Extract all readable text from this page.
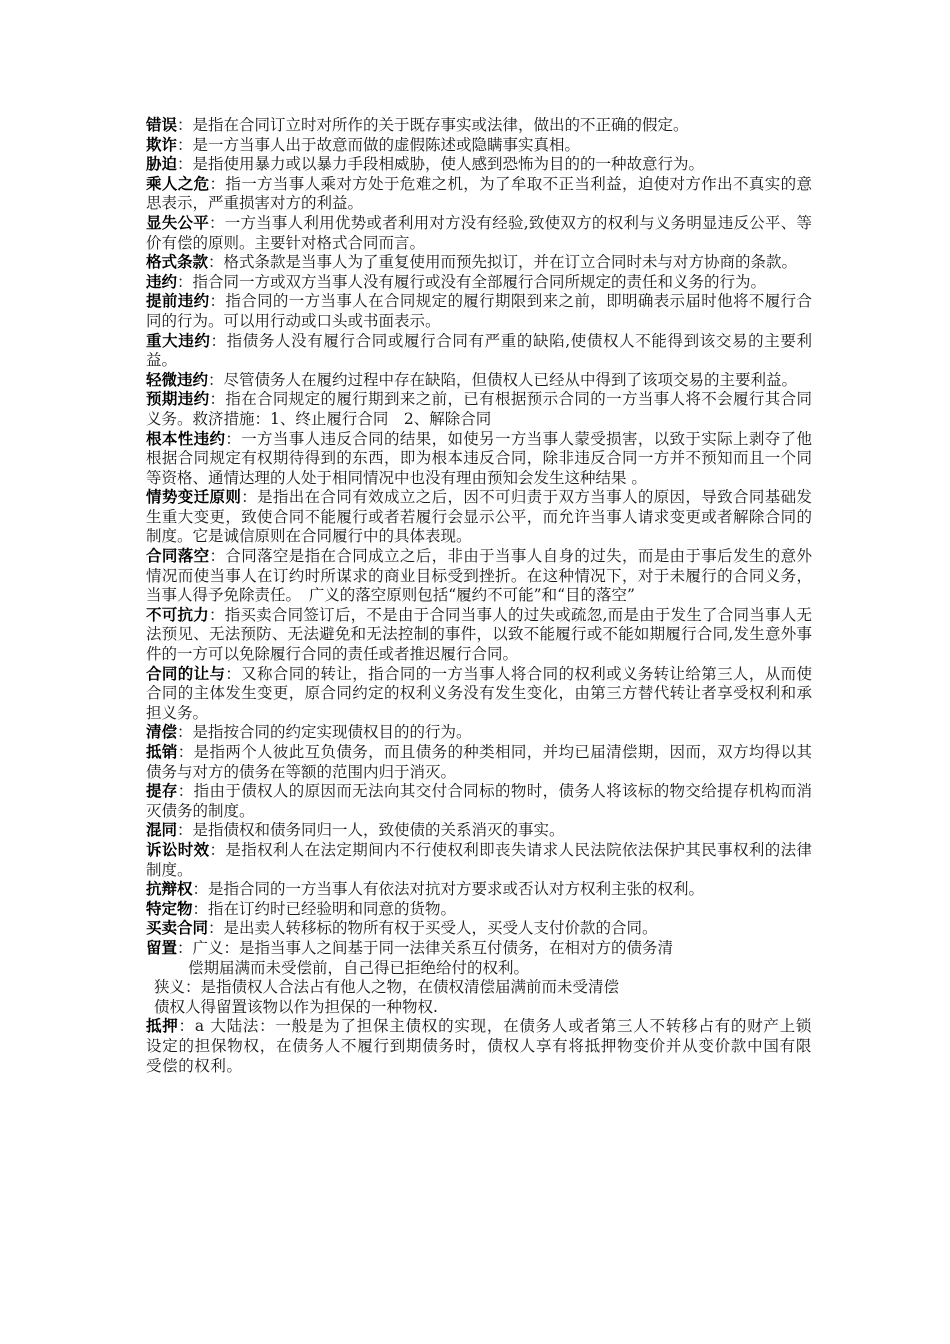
错误：是指在合同订立时对所作的关于既存事实或法律，做出的不正确的假定。
欺诈：是一方当事人出于故意而做的虚假陈述或隐瞒事实真相。
胁迫：是指使用暴力或以暴力手段相威胁，使人感到恐怖为目的的一种故意行为。
乘人之危：指一方当事人乘对方处于危难之机，为了牟取不正当利益，迫使对方作出不真实的意思表示，严重损害对方的利益。
显失公平：一方当事人利用优势或者利用对方没有经验,致使双方的权利与义务明显违反公平、等价有偿的原则。主要针对格式合同而言。
格式条款：格式条款是当事人为了重复使用而预先拟订，并在订立合同时未与对方协商的条款。
违约：指合同一方或双方当事人没有履行或没有全部履行合同所规定的责任和义务的行为。
提前违约：指合同的一方当事人在合同规定的履行期限到来之前，即明确表示届时他将不履行合同的行为。可以用行动或口头或书面表示。
重大违约：指债务人没有履行合同或履行合同有严重的缺陷,使债权人不能得到该交易的主要利益。
轻微违约：尽管债务人在履约过程中存在缺陷，但债权人已经从中得到了该项交易的主要利益。
预期违约：指在合同规定的履行期到来之前，已有根据预示合同的一方当事人将不会履行其合同义务。救济措施：1、终止履行合同　2、解除合同
根本性违约：一方当事人违反合同的结果，如使另一方当事人蒙受损害，以致于实际上剥夺了他根据合同规定有权期待得到的东西，即为根本违反合同，除非违反合同一方并不预知而且一个同等资格、通情达理的人处于相同情况中也没有理由预知会发生这种结果 。
情势变迁原则：是指出在合同有效成立之后，因不可归责于双方当事人的原因，导致合同基础发生重大变更，致使合同不能履行或者若履行会显示公平，而允许当事人请求变更或者解除合同的制度。它是诚信原则在合同履行中的具体表现。
合同落空：合同落空是指在合同成立之后，非由于当事人自身的过失，而是由于事后发生的意外情况而使当事人在订约时所谋求的商业目标受到挫折。在这种情况下，对于未履行的合同义务，当事人得予免除责任。　广义的落空原则包括“履约不可能”和“目的落空”
不可抗力：指买卖合同签订后，不是由于合同当事人的过失或疏忽,而是由于发生了合同当事人无法预见、无法预防、无法避免和无法控制的事件，以致不能履行或不能如期履行合同,发生意外事件的一方可以免除履行合同的责任或者推迟履行合同。
合同的让与：又称合同的转让，指合同的一方当事人将合同的权利或义务转让给第三人，从而使合同的主体发生变更，原合同约定的权利义务没有发生变化，由第三方替代转让者享受权利和承担义务。
清偿：是指按合同的约定实现债权目的的行为。
抵销：是指两个人彼此互负债务，而且债务的种类相同，并均已届清偿期，因而，双方均得以其债务与对方的债务在等额的范围内归于消灭。
提存：指由于债权人的原因而无法向其交付合同标的物时，债务人将该标的物交给提存机构而消灭债务的制度。
混同：是指债权和债务同归一人，致使债的关系消灭的事实。
诉讼时效：是指权利人在法定期间内不行使权利即丧失请求人民法院依法保护其民事权利的法律制度。
抗辩权：是指合同的一方当事人有依法对抗对方要求或否认对方权利主张的权利。
特定物：指在订约时已经验明和同意的货物。
买卖合同：是出卖人转移标的物所有权于买受人，买受人支付价款的合同。
留置：广义：是指当事人之间基于同一法律关系互付债务，在相对方的债务清
偿期届满而未受偿前，自己得已拒绝给付的权利。
狭义：是指债权人合法占有他人之物，在债权清偿届满前而未受清偿
债权人得留置该物以作为担保的一种物权.
抵押：a 大陆法：一般是为了担保主债权的实现，在债务人或者第三人不转移占有的财产上锁设定的担保物权，在债务人不履行到期债务时，债权人享有将抵押物变价并从变价款中国有限受偿的权利。
